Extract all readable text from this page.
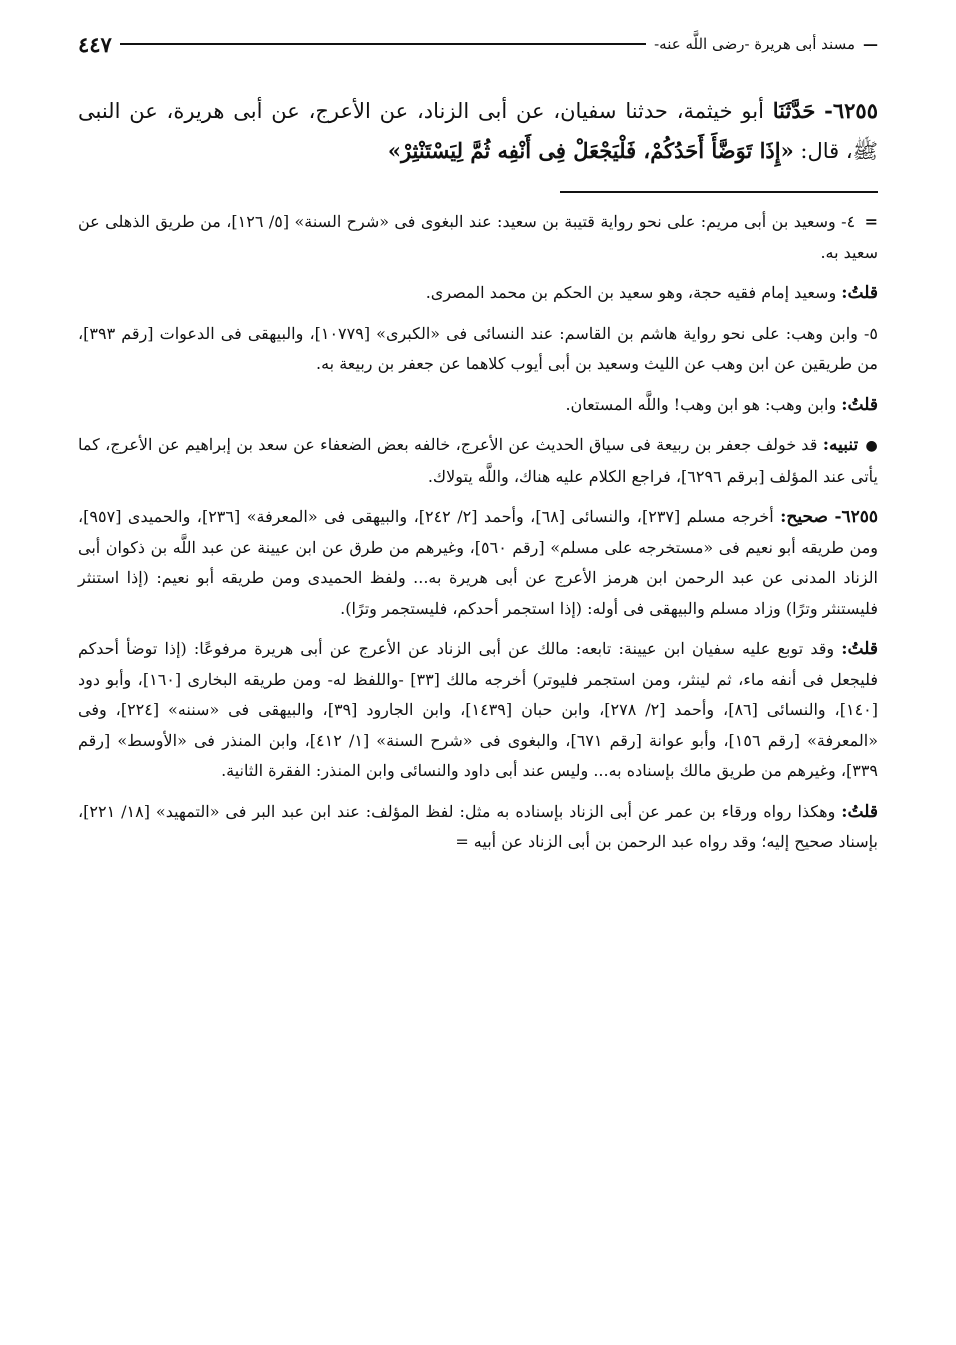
—
مسند أبى هريرة -رضى اللَّه عنه-
٤٤٧
٦٢٥٥- حَدَّثَنَا أبو خيثمة، حدثنا سفيان، عن أبى الزناد، عن الأعرج، عن أبى هريرة، عن النبى ﷺ، قال: «إِذَا تَوَضَّأَ أَحَدُكُمْ، فَلْيَجْعَلْ فِى أَنْفِه ثُمَّ لِيَسْتَنْثِرْ»

= ٤- وسعيد بن أبى مريم: على نحو رواية قتيبة بن سعيد: عند البغوى فى «شرح السنة» [٥/ ١٢٦]، من طريق الذهلى عن سعيد به.

قلتُ: وسعيد إمام فقيه حجة، وهو سعيد بن الحكم بن محمد المصرى.

٥- وابن وهب: على نحو رواية هاشم بن القاسم: عند النسائى فى «الكبرى» [١٠٧٧٩]، والبيهقى فى الدعوات [رقم ٣٩٣]، من طريقين عن ابن وهب عن الليث وسعيد بن أبى أيوب كلاهما عن جعفر بن ربيعة به.

قلتُ: وابن وهب: هو ابن وهب! واللَّه المستعان.

● تنبيه: قد خولف جعفر بن ربيعة فى سياق الحديث عن الأعرج، خالفه بعض الضعفاء عن سعد بن إبراهيم عن الأعرج، كما يأتى عند المؤلف [برقم ٦٢٩٦]، فراجع الكلام عليه هناك، واللَّه يتولاك.

٦٢٥٥- صحيح: أخرجه مسلم [٢٣٧]، والنسائى [٦٨]، وأحمد [٢/ ٢٤٢]، والبيهقى فى «المعرفة» [٢٣٦]، والحميدى [٩٥٧]، ومن طريقه أبو نعيم فى «مستخرجه على مسلم» [رقم ٥٦٠]، وغيرهم من طرق عن ابن عيينة عن عبد اللَّه بن ذكوان أبى الزناد المدنى عن عبد الرحمن ابن هرمز الأعرج عن أبى هريرة به... ولفظ الحميدى ومن طريقه أبو نعيم: (إذا استنثر فليستنثر وترًا) وزاد مسلم والبيهقى فى أوله: (إذا استجمر أحدكم، فليستجمر وترًا).

قلتُ: وقد توبع عليه سفيان ابن عيينة: تابعه: مالك عن أبى الزناد عن الأعرج عن أبى هريرة مرفوعًا: (إذا توضأ أحدكم فليجعل فى أنفه ماء، ثم لينثر، ومن استجمر فليوتر) أخرجه مالك [٣٣] -واللفظ له- ومن طريقه البخارى [١٦٠]، وأبو دود [١٤٠]، والنسائى [٨٦]، وأحمد [٢/ ٢٧٨]، وابن حبان [١٤٣٩]، وابن الجارود [٣٩]، والبيهقى فى «سننه» [٢٢٤]، وفى «المعرفة» [رقم ١٥٦]، وأبو عوانة [رقم ٦٧١]، والبغوى فى «شرح السنة» [١/ ٤١٢]، وابن المنذر فى «الأوسط» [رقم ٣٣٩]، وغيرهم من طريق مالك بإسناده به... وليس عند أبى داود والنسائى وابن المنذر: الفقرة الثانية.

قلتُ: وهكذا رواه ورقاء بن عمر عن أبى الزناد بإسناده به مثل: لفظ المؤلف: عند ابن عبد البر فى «التمهيد» [١٨/ ٢٢١]، بإسناد صحيح إليه؛ وقد رواه عبد الرحمن بن أبى الزناد عن أبيه =
